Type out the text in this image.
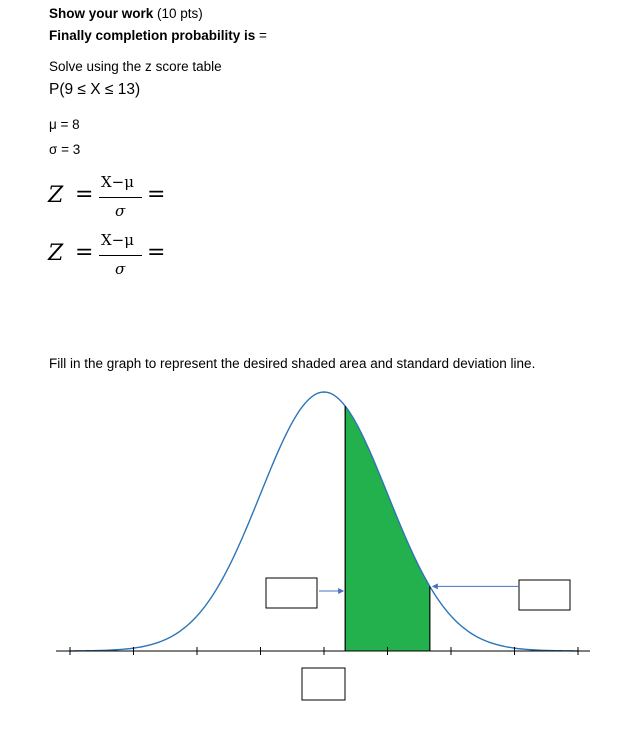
Show your work (10 pts)
Finally completion probability is =
Solve using the z score table
P(9 ≤ X ≤ 13)
μ = 8
σ = 3
Z = X−μ
σ
=
Z = X−μ
σ
=
Fill in the graph to represent the desired shaded area and standard deviation line.
